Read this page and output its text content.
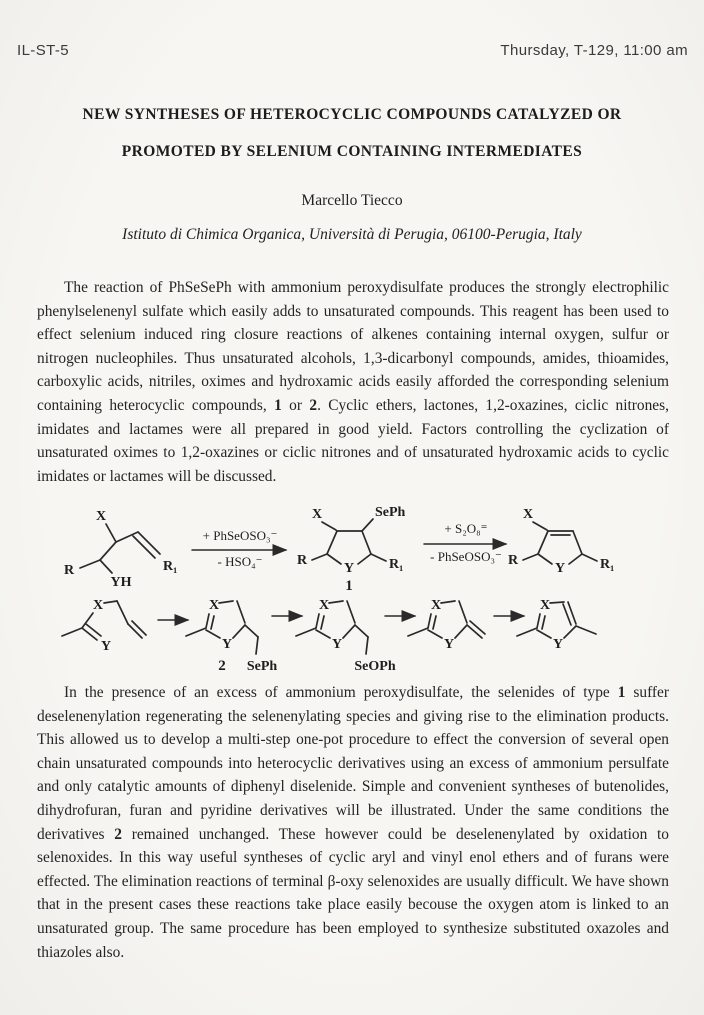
IL-ST-5	Thursday, T-129, 11:00 am

NEW SYNTHESES OF HETEROCYCLIC COMPOUNDS CATALYZED OR

PROMOTED BY SELENIUM CONTAINING INTERMEDIATES

Marcello Tiecco

Istituto di Chimica Organica, Università di Perugia, 06100-Perugia, Italy

The reaction of PhSeSePh with ammonium peroxydisulfate produces the strongly electrophilic phenylselenenyl sulfate which easily adds to unsaturated compounds. This reagent has been used to effect selenium induced ring closure reactions of alkenes containing internal oxygen, sulfur or nitrogen nucleophiles. Thus unsaturated alcohols, 1,3-dicarbonyl compounds, amides, thioamides, carboxylic acids, nitriles, oximes and hydroxamic acids easily afforded the corresponding selenium containing heterocyclic compounds, 1 or 2. Cyclic ethers, lactones, 1,2-oxazines, ciclic nitrones, imidates and lactames were all prepared in good yield. Factors controlling the cyclization of unsaturated oximes to 1,2-oxazines or ciclic nitrones and of unsaturated hydroxamic acids to cyclic imidates or lactames will be discussed.

X
R
YH
R₁
+ PhSeOSO₃⁻
- HSO₄⁻
X	SePh
R
Y R₁
1
+ S₂O₈⁼
- PhSeOSO₃⁻
X
R
Y R₁
X
Y
X
Y
SePh
2
X
Y
SeOPh
X
Y
X
Y

In the presence of an excess of ammonium peroxydisulfate, the selenides of type 1 suffer deselenenylation regenerating the selenenylating species and giving rise to the elimination products. This allowed us to develop a multi-step one-pot procedure to effect the conversion of several open chain unsaturated compounds into heterocyclic derivatives using an excess of ammonium persulfate and only catalytic amounts of diphenyl diselenide. Simple and convenient syntheses of butenolides, dihydrofuran, furan and pyridine derivatives will be illustrated. Under the same conditions the derivatives 2 remained unchanged. These however could be deselenenylated by oxidation to selenoxides. In this way useful syntheses of cyclic aryl and vinyl enol ethers and of furans were effected. The elimination reactions of terminal β-oxy selenoxides are usually difficult. We have shown that in the present cases these reactions take place easily becouse the oxygen atom is linked to an unsaturated group. The same procedure has been employed to synthesize substituted oxazoles and thiazoles also.
